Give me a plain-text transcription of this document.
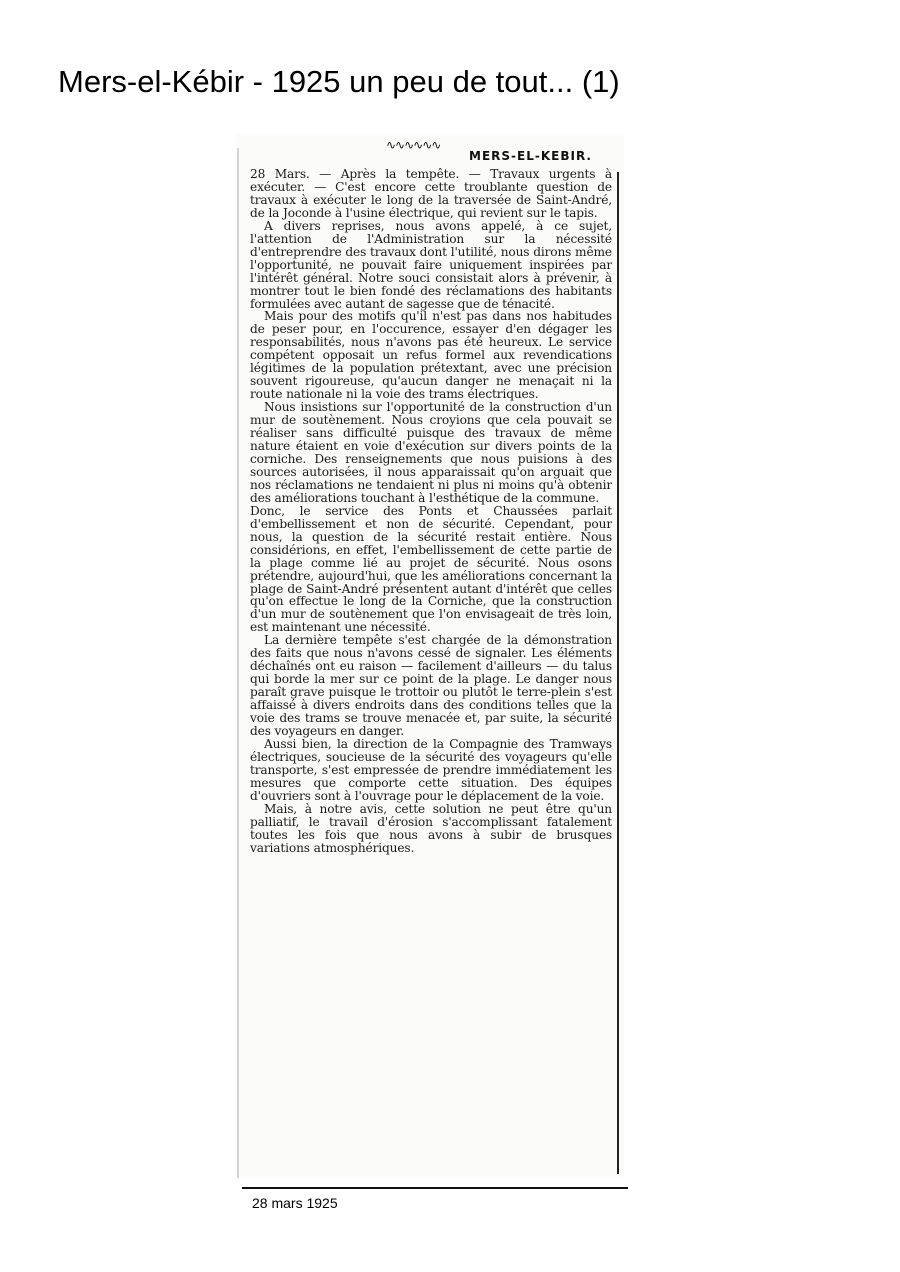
Mers-el-Kébir - 1925 un peu de tout... (1)
∿∿∿∿∿∿
MERS-EL-KEBIR.

28 Mars. — Après la tempête. — Travaux urgents à exécuter. — C'est encore cette troublante question de travaux à exécuter le long de la traversée de Saint-André, de la Joconde à l'usine électrique, qui revient sur le tapis.

A divers reprises, nous avons appelé, à ce sujet, l'attention de l'Administration sur la nécessité d'entreprendre des travaux dont l'utilité, nous dirons même l'opportunité, ne pouvait faire uniquement inspirées par l'intérêt général. Notre souci consistait alors à prévenir, à montrer tout le bien fondé des réclamations des habitants formulées avec autant de sagesse que de ténacité.

Mais pour des motifs qu'il n'est pas dans nos habitudes de peser pour, en l'occurence, essayer d'en dégager les responsabilités, nous n'avons pas été heureux. Le service compétent opposait un refus formel aux revendications légitimes de la population prétextant, avec une précision souvent rigoureuse, qu'aucun danger ne menaçait ni la route nationale ni la voie des trams électriques.

Nous insistions sur l'opportunité de la construction d'un mur de soutènement. Nous croyions que cela pouvait se réaliser sans difficulté puisque des travaux de même nature étaient en voie d'exécution sur divers points de la corniche. Des renseignements que nous puisions à des sources autorisées, il nous apparaissait qu'on arguait que nos réclamations ne tendaient ni plus ni moins qu'à obtenir des améliorations touchant à l'esthétique de la commune.

Donc, le service des Ponts et Chaussées parlait d'embellissement et non de sécurité. Cependant, pour nous, la question de la sécurité restait entière. Nous considérions, en effet, l'embellissement de cette partie de la plage comme lié au projet de sécurité. Nous osons prétendre, aujourd'hui, que les améliorations concernant la plage de Saint-André présentent autant d'intérêt que celles qu'on effectue le long de la Corniche, que la construction d'un mur de soutènement que l'on envisageait de très loin, est maintenant une nécessité.

La dernière tempête s'est chargée de la démonstration des faits que nous n'avons cessé de signaler. Les éléments déchaînés ont eu raison — facilement d'ailleurs — du talus qui borde la mer sur ce point de la plage. Le danger nous paraît grave puisque le trottoir ou plutôt le terre-plein s'est affaissé à divers endroits dans des conditions telles que la voie des trams se trouve menacée et, par suite, la sécurité des voyageurs en danger.

Aussi bien, la direction de la Compagnie des Tramways électriques, soucieuse de la sécurité des voyageurs qu'elle transporte, s'est empressée de prendre immédiatement les mesures que comporte cette situation. Des équipes d'ouvriers sont à l'ouvrage pour le déplacement de la voie.

Mais, à notre avis, cette solution ne peut être qu'un palliatif, le travail d'érosion s'accomplissant fatalement toutes les fois que nous avons à subir de brusques variations atmosphériques.

28 mars 1925
